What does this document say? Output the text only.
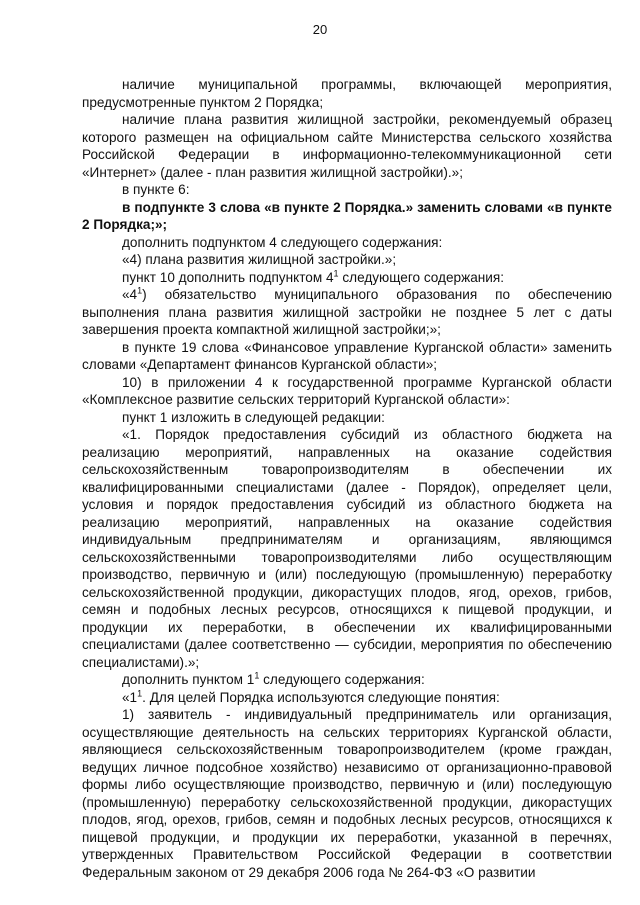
20

наличие муниципальной программы, включающей мероприятия, предусмотренные пунктом 2 Порядка;

наличие плана развития жилищной застройки, рекомендуемый образец которого размещен на официальном сайте Министерства сельского хозяйства Российской Федерации в информационно-телекоммуникационной сети «Интернет» (далее - план развития жилищной застройки).»;

в пункте 6:

в подпункте 3 слова «в пункте 2 Порядка.» заменить словами «в пункте 2 Порядка;»;

дополнить подпунктом 4 следующего содержания:

«4) плана развития жилищной застройки.»;

пункт 10 дополнить подпунктом $4^1$ следующего содержания:

«$4^1$) обязательство муниципального образования по обеспечению выполнения плана развития жилищной застройки не позднее 5 лет с даты завершения проекта компактной жилищной застройки;»;

в пункте 19 слова «Финансовое управление Курганской области» заменить словами «Департамент финансов Курганской области»;

10) в приложении 4 к государственной программе Курганской области «Комплексное развитие сельских территорий Курганской области»:

пункт 1 изложить в следующей редакции:

«1. Порядок предоставления субсидий из областного бюджета на реализацию мероприятий, направленных на оказание содействия сельскохозяйственным товаропроизводителям в обеспечении их квалифицированными специалистами (далее - Порядок), определяет цели, условия и порядок предоставления субсидий из областного бюджета на реализацию мероприятий, направленных на оказание содействия индивидуальным предпринимателям и организациям, являющимся сельскохозяйственными товаропроизводителями либо осуществляющим производство, первичную и (или) последующую (промышленную) переработку сельскохозяйственной продукции, дикорастущих плодов, ягод, орехов, грибов, семян и подобных лесных ресурсов, относящихся к пищевой продукции, и продукции их переработки, в обеспечении их квалифицированными специалистами (далее соответственно — субсидии, мероприятия по обеспечению специалистами).»;

дополнить пунктом $1^1$ следующего содержания:

«$1^1$. Для целей Порядка используются следующие понятия:

1) заявитель - индивидуальный предприниматель или организация, осуществляющие деятельность на сельских территориях Курганской области, являющиеся сельскохозяйственным товаропроизводителем (кроме граждан, ведущих личное подсобное хозяйство) независимо от организационно-правовой формы либо осуществляющие производство, первичную и (или) последующую (промышленную) переработку сельскохозяйственной продукции, дикорастущих плодов, ягод, орехов, грибов, семян и подобных лесных ресурсов, относящихся к пищевой продукции, и продукции их переработки, указанной в перечнях, утвержденных Правительством Российской Федерации в соответствии Федеральным законом от 29 декабря 2006 года № 264-ФЗ «О развитии
